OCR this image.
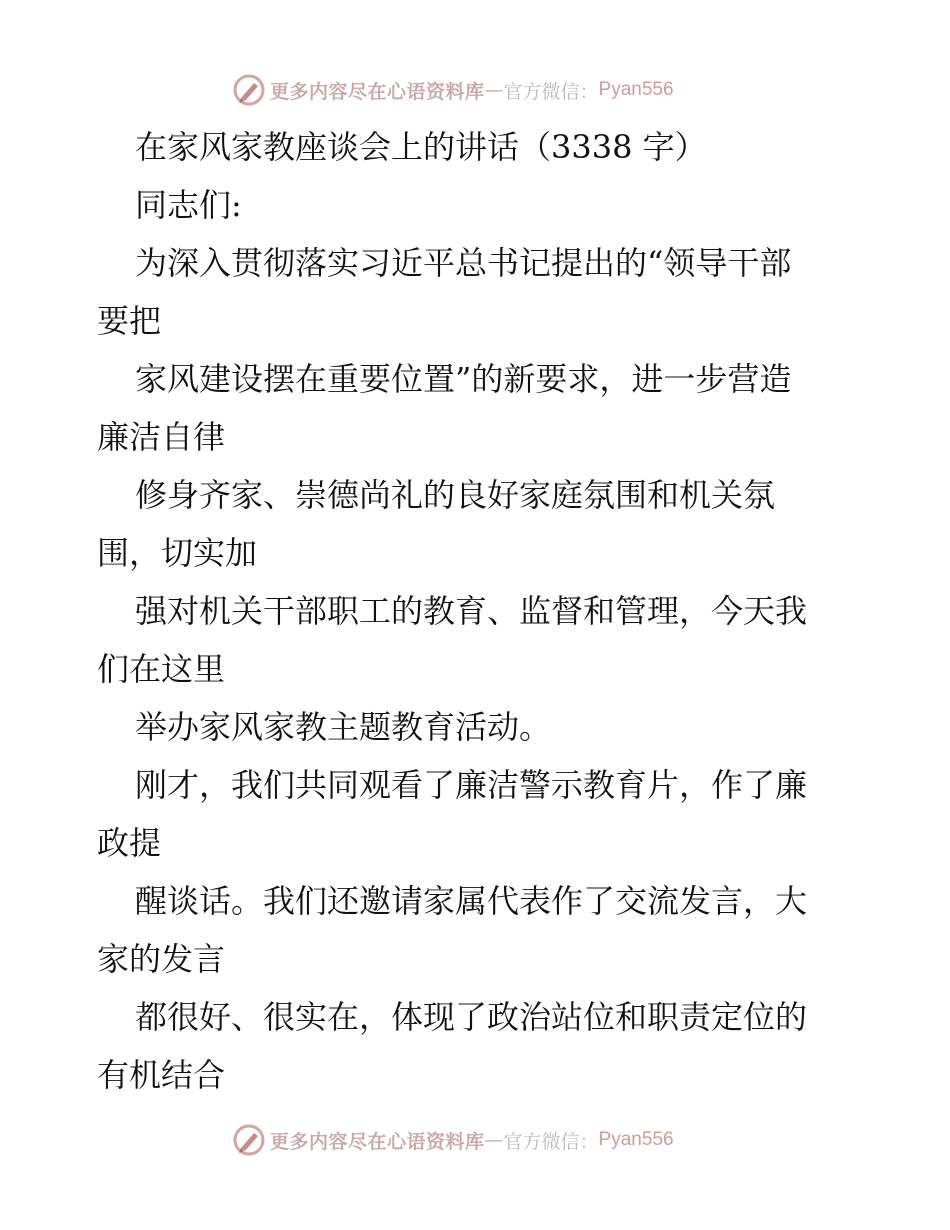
更多内容尽在心语资料库 — 官方微信： Pyan556
在家风家教座谈会上的讲话（3338 字）
同志们:
为深入贯彻落实习近平总书记提出的“领导干部
要把
家风建设摆在重要位置”的新要求，进一步营造
廉洁自律
修身齐家、崇德尚礼的良好家庭氛围和机关氛
围，切实加
强对机关干部职工的教育、监督和管理，今天我
们在这里
举办家风家教主题教育活动。
刚才，我们共同观看了廉洁警示教育片，作了廉
政提
醒谈话。我们还邀请家属代表作了交流发言，大
家的发言
都很好、很实在，体现了政治站位和职责定位的
有机结合
更多内容尽在心语资料库 — 官方微信： Pyan556
